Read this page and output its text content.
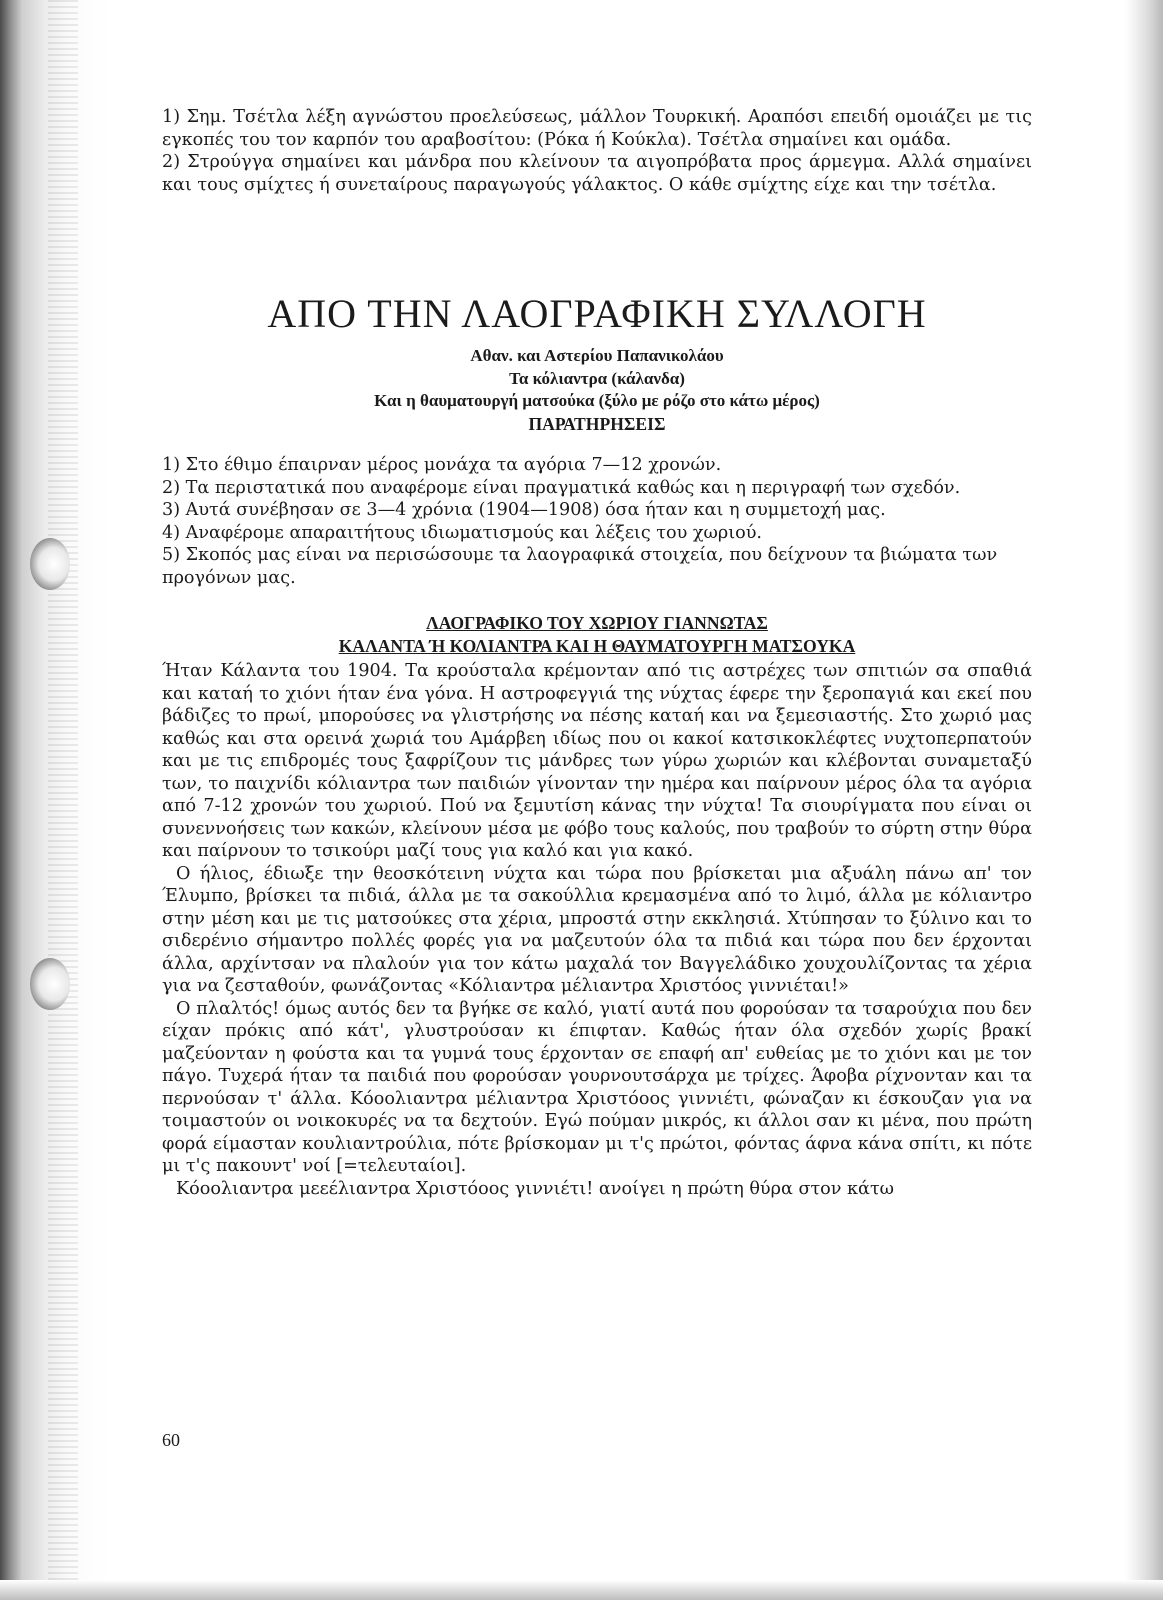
1) Σημ. Τσέτλα λέξη αγνώστου προελεύσεως, μάλλον Τουρκική. Αραπόσι επειδή ομοιάζει με τις εγκοπές του τον καρπόν του αραβοσίτου: (Ρόκα ή Κούκλα). Τσέτλα σημαίνει και ομάδα.

2) Στρούγγα σημαίνει και μάνδρα που κλείνουν τα αιγοπρόβατα προς άρμεγμα. Αλλά σημαίνει και τους σμίχτες ή συνεταίρους παραγωγούς γάλακτος. Ο κάθε σμίχτης είχε και την τσέτλα.

ΑΠΟ ΤΗΝ ΛΑΟΓΡΑΦΙΚΗ ΣΥΛΛΟΓΗ
Αθαν. και Αστερίου Παπανικολάου
Τα κόλιαντρα (κάλανδα)
Και η θαυματουργή ματσούκα (ξύλο με ρόζο στο κάτω μέρος)
ΠΑΡΑΤΗΡΗΣΕΙΣ

1) Στο έθιμο έπαιρναν μέρος μονάχα τα αγόρια 7—12 χρονών.

2) Τα περιστατικά που αναφέρομε είναι πραγματικά καθώς και η περιγραφή των σχεδόν.

3) Αυτά συνέβησαν σε 3—4 χρόνια (1904—1908) όσα ήταν και η συμμετοχή μας.

4) Αναφέρομε απαραιτήτους ιδιωματισμούς και λέξεις του χωριού.

5) Σκοπός μας είναι να περισώσουμε τα λαογραφικά στοιχεία, που δείχνουν τα βιώματα των προγόνων μας.

ΛΑΟΓΡΑΦΙΚΟ ΤΟΥ ΧΩΡΙΟΥ ΓΙΑΝΝΩΤΑΣ
ΚΑΛΑΝΤΑ Ή ΚΟΛΙΑΝΤΡΑ ΚΑΙ Η ΘΑΥΜΑΤΟΥΡΓΗ ΜΑΤΣΟΥΚΑ

Ήταν Κάλαντα του 1904. Τα κρούσταλα κρέμονταν από τις αστρέχες των σπιτιών σα σπαθιά και καταή το χιόνι ήταν ένα γόνα. Η αστροφεγγιά της νύχτας έφερε την ξεροπαγιά και εκεί που βάδιζες το πρωί, μπορούσες να γλιστρήσης να πέσης καταή και να ξεμεσιαστής. Στο χωριό μας καθώς και στα ορεινά χωριά του Αμάρβεη ιδίως που οι κακοί κατσικοκλέφτες νυχτοπερπατούν και με τις επιδρομές τους ξαφρίζουν τις μάνδρες των γύρω χωριών και κλέβονται συναμεταξύ των, το παιχνίδι κόλιαντρα των παιδιών γίνονταν την ημέρα και παίρνουν μέρος όλα τα αγόρια από 7-12 χρονών του χωριού. Πού να ξεμυτίση κάνας την νύχτα! Τα σιουρίγματα που είναι οι συνεννοήσεις των κακών, κλείνουν μέσα με φόβο τους καλούς, που τραβούν το σύρτη στην θύρα και παίρνουν το τσικούρι μαζί τους για καλό και για κακό.

Ο ήλιος, έδιωξε την θεοσκότεινη νύχτα και τώρα που βρίσκεται μια αξυάλη πάνω απ' τον Έλυμπο, βρίσκει τα πιδιά, άλλα με τα σακούλλια κρεμασμένα από το λιμό, άλλα με κόλιαντρο στην μέση και με τις ματσούκες στα χέρια, μπροστά στην εκκλησιά. Χτύπησαν το ξύλινο και το σιδερένιο σήμαντρο πολλές φορές για να μαζευτούν όλα τα πιδιά και τώρα που δεν έρχονται άλλα, αρχίντσαν να πλαλούν για τον κάτω μαχαλά τον Βαγγελάδικο χουχουλίζοντας τα χέρια για να ζεσταθούν, φωνάζοντας «Κόλιαντρα μέλιαντρα Χριστόος γιννιέται!»

Ο πλαλτός! όμως αυτός δεν τα βγήκε σε καλό, γιατί αυτά που φορούσαν τα τσαρούχια που δεν είχαν πρόκις από κάτ', γλυστρούσαν κι έπιφταν. Καθώς ήταν όλα σχεδόν χωρίς βρακί μαζεύονταν η φούστα και τα γυμνά τους έρχονταν σε επαφή απ' ευθείας με το χιόνι και με τον πάγο. Τυχερά ήταν τα παιδιά που φορούσαν γουρνουτσάρχα με τρίχες. Άφοβα ρίχνονταν και τα περνούσαν τ' άλλα. Κόοολιαντρα μέλιαντρα Χριστόοος γιννιέτι, φώναζαν κι έσκουζαν για να τοιμαστούν οι νοικοκυρές να τα δεχτούν. Εγώ πούμαν μικρός, κι άλλοι σαν κι μένα, που πρώτη φορά είμασταν κουλιαντρούλια, πότε βρίσκομαν μι τ'ς πρώτοι, φόντας άφνα κάνα σπίτι, κι πότε μι τ'ς πακουντ' νοί [=τελευταίοι].

Κόοολιαντρα μεεέλιαντρα Χριστόοος γιννιέτι! ανοίγει η πρώτη θύρα στον κάτω

60
